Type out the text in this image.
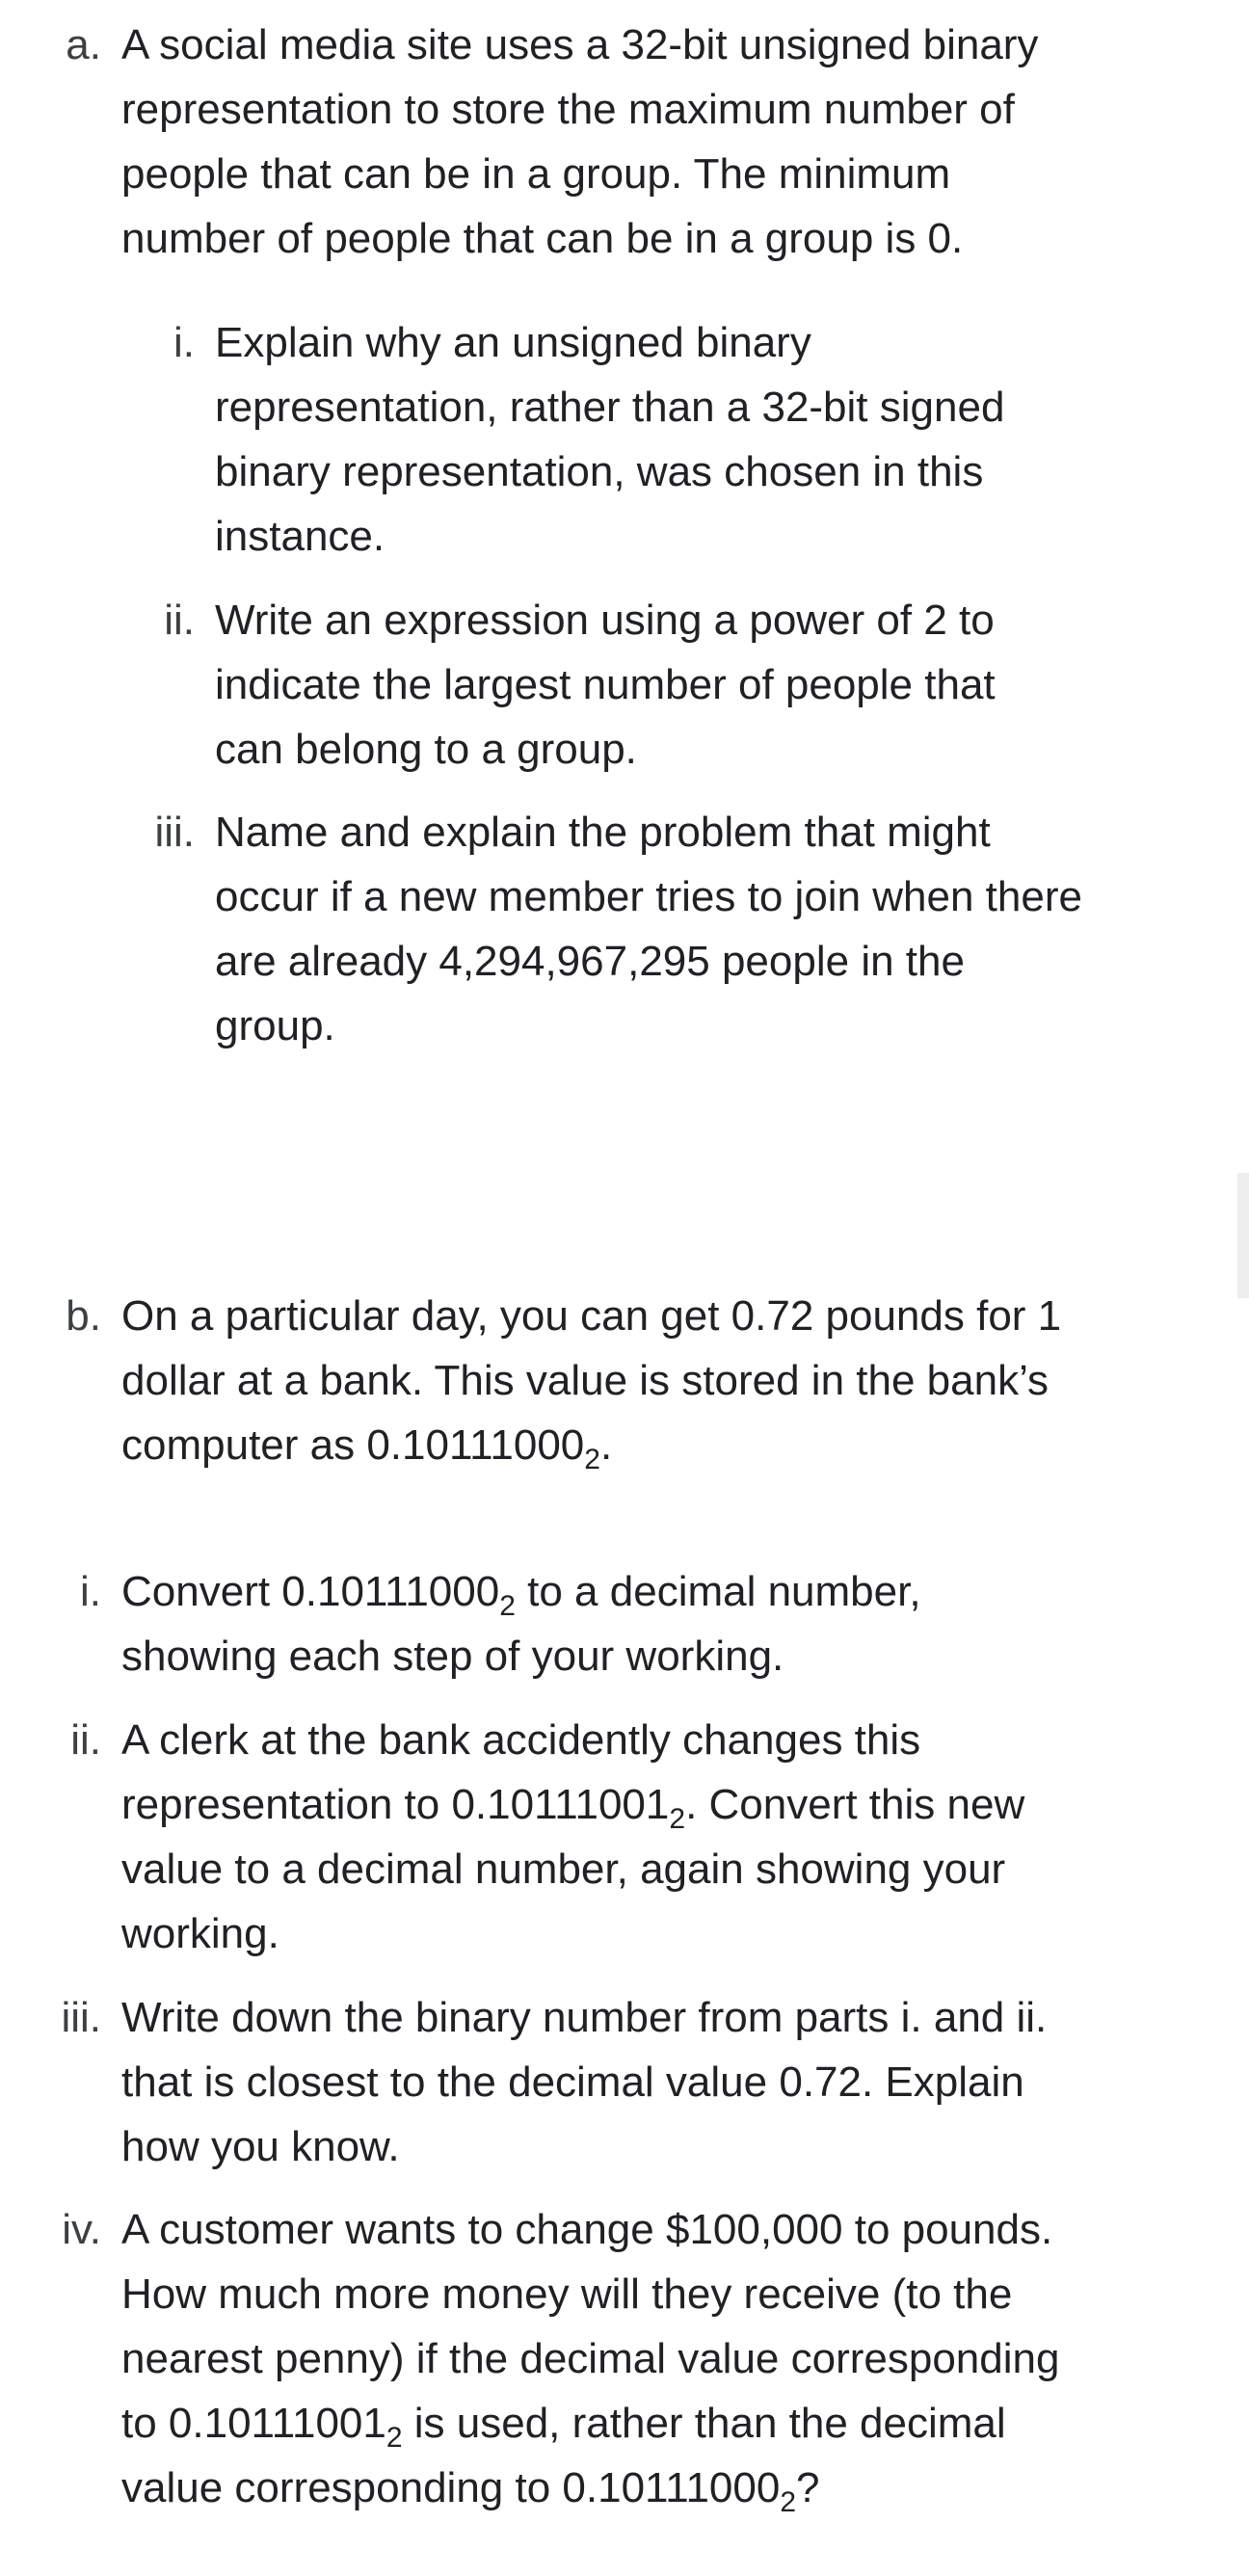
a. A social media site uses a 32-bit unsigned binary representation to store the maximum number of people that can be in a group. The minimum number of people that can be in a group is 0.
i. Explain why an unsigned binary representation, rather than a 32-bit signed binary representation, was chosen in this instance.
ii. Write an expression using a power of 2 to indicate the largest number of people that can belong to a group.
iii. Name and explain the problem that might occur if a new member tries to join when there are already 4,294,967,295 people in the group.
b. On a particular day, you can get 0.72 pounds for 1 dollar at a bank. This value is stored in the bank’s computer as $0.10111000_2$.
i. Convert $0.10111000_2$ to a decimal number, showing each step of your working.
ii. A clerk at the bank accidently changes this representation to $0.10111001_2$. Convert this new value to a decimal number, again showing your working.
iii. Write down the binary number from parts i. and ii. that is closest to the decimal value 0.72. Explain how you know.
iv. A customer wants to change $100,000 to pounds. How much more money will they receive (to the nearest penny) if the decimal value corresponding to $0.10111001_2$ is used, rather than the decimal value corresponding to $0.10111000_2$?
